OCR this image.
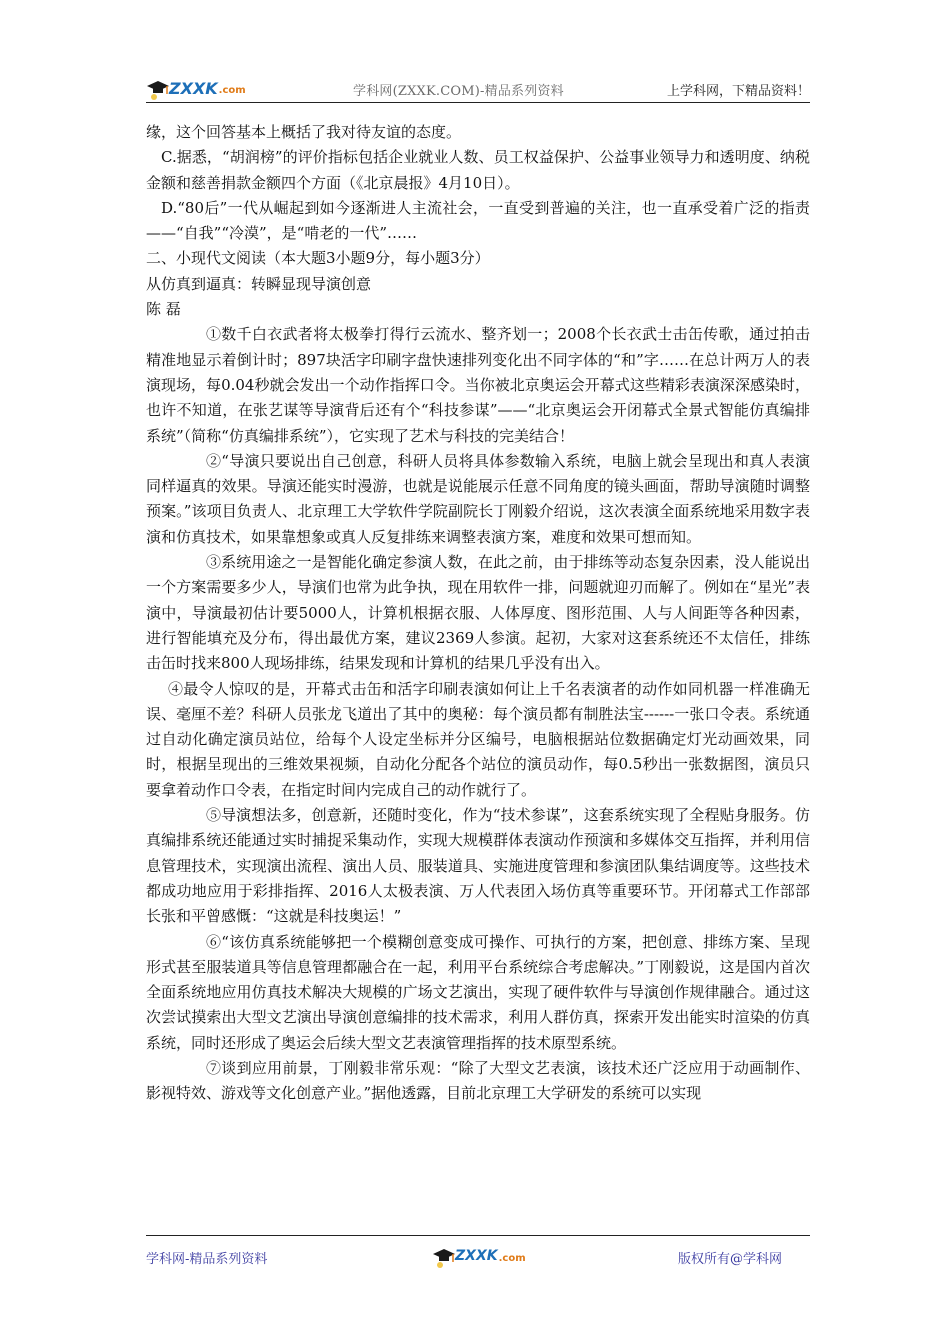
ZXXK .com	学科网(ZXXK.COM)-精品系列资料	上学科网，下精品资料！

缘，这个回答基本上概括了我对待友谊的态度。

C.据悉，“胡润榜”的评价指标包括企业就业人数、员工权益保护、公益事业领导力和透明度、纳税金额和慈善捐款金额四个方面（《北京晨报》4月10日）。

D.“80后”一代从崛起到如今逐渐进人主流社会，一直受到普遍的关注，也一直承受着广泛的指责——“自我”“冷漠”，是“啃老的一代”……

二、小现代文阅读（本大题3小题9分，每小题3分）

从仿真到逼真：转瞬显现导演创意

陈 磊

①数千白衣武者将太极拳打得行云流水、整齐划一；2008个长衣武士击缶传歌，通过拍击精准地显示着倒计时；897块活字印刷字盘快速排列变化出不同字体的“和”字……在总计两万人的表演现场，每0.04秒就会发出一个动作指挥口令。当你被北京奥运会开幕式这些精彩表演深深感染时，也许不知道，在张艺谋等导演背后还有个“科技参谋”——“北京奥运会开闭幕式全景式智能仿真编排系统”（简称“仿真编排系统”），它实现了艺术与科技的完美结合！

②“导演只要说出自己创意，科研人员将具体参数输入系统，电脑上就会呈现出和真人表演同样逼真的效果。导演还能实时漫游，也就是说能展示任意不同角度的镜头画面，帮助导演随时调整预案。”该项目负责人、北京理工大学软件学院副院长丁刚毅介绍说，这次表演全面系统地采用数字表演和仿真技术，如果靠想象或真人反复排练来调整表演方案，难度和效果可想而知。

③系统用途之一是智能化确定参演人数，在此之前，由于排练等动态复杂因素，没人能说出一个方案需要多少人，导演们也常为此争执，现在用软件一排，问题就迎刃而解了。例如在“星光”表演中，导演最初估计要5000人，计算机根据衣服、人体厚度、图形范围、人与人间距等各种因素，进行智能填充及分布，得出最优方案，建议2369人参演。起初，大家对这套系统还不太信任，排练击缶时找来800人现场排练，结果发现和计算机的结果几乎没有出入。

④最令人惊叹的是，开幕式击缶和活字印刷表演如何让上千名表演者的动作如同机器一样准确无误、毫厘不差？科研人员张龙飞道出了其中的奥秘：每个演员都有制胜法宝------一张口令表。系统通过自动化确定演员站位，给每个人设定坐标并分区编号，电脑根据站位数据确定灯光动画效果，同时，根据呈现出的三维效果视频，自动化分配各个站位的演员动作，每0.5秒出一张数据图，演员只要拿着动作口令表，在指定时间内完成自己的动作就行了。

⑤导演想法多，创意新，还随时变化，作为“技术参谋”，这套系统实现了全程贴身服务。仿真编排系统还能通过实时捕捉采集动作，实现大规模群体表演动作预演和多媒体交互指挥，并利用信息管理技术，实现演出流程、演出人员、服装道具、实施进度管理和参演团队集结调度等。这些技术都成功地应用于彩排指挥、2016人太极表演、万人代表团入场仿真等重要环节。开闭幕式工作部部长张和平曾感慨：“这就是科技奥运！”

⑥“该仿真系统能够把一个模糊创意变成可操作、可执行的方案，把创意、排练方案、呈现形式甚至服装道具等信息管理都融合在一起，利用平台系统综合考虑解决。”丁刚毅说，这是国内首次全面系统地应用仿真技术解决大规模的广场文艺演出，实现了硬件软件与导演创作规律融合。通过这次尝试摸索出大型文艺演出导演创意编排的技术需求，利用人群仿真，探索开发出能实时渲染的仿真系统，同时还形成了奥运会后续大型文艺表演管理指挥的技术原型系统。

⑦谈到应用前景，丁刚毅非常乐观：“除了大型文艺表演，该技术还广泛应用于动画制作、影视特效、游戏等文化创意产业。”据他透露，目前北京理工大学研发的系统可以实现

学科网-精品系列资料	ZXXK .com	版权所有@学科网
